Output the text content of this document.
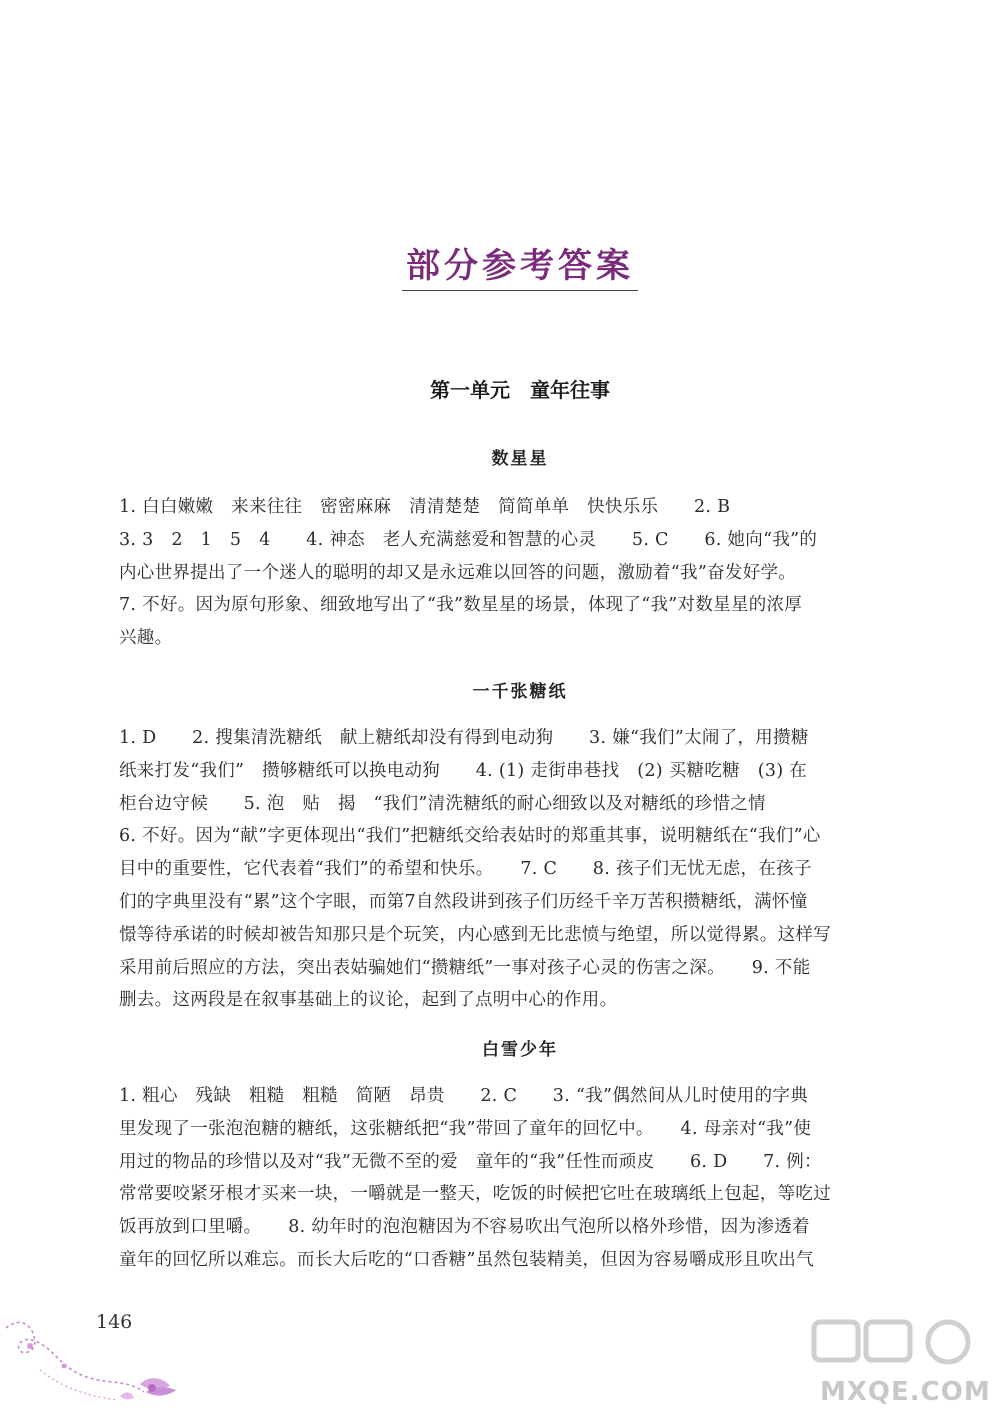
部分参考答案
第一单元　童年往事
数星星
1. 白白嫩嫩　来来往往　密密麻麻　清清楚楚　简简单单　快快乐乐　　2. B
3. 3　2　1　5　4　　4. 神态　老人充满慈爱和智慧的心灵　　5. C　　6. 她向“我”的
内心世界提出了一个迷人的聪明的却又是永远难以回答的问题，激励着“我”奋发好学。
7. 不好。因为原句形象、细致地写出了“我”数星星的场景，体现了“我”对数星星的浓厚
兴趣。
一千张糖纸
1. D　　2. 搜集清洗糖纸　献上糖纸却没有得到电动狗　　3. 嫌“我们”太闹了，用攒糖
纸来打发“我们”　攒够糖纸可以换电动狗　　4. (1) 走街串巷找　(2) 买糖吃糖　(3) 在
柜台边守候　　5. 泡　贴　揭　“我们”清洗糖纸的耐心细致以及对糖纸的珍惜之情
6. 不好。因为“献”字更体现出“我们”把糖纸交给表姑时的郑重其事，说明糖纸在“我们”心
目中的重要性，它代表着“我们”的希望和快乐。　　7. C　　8. 孩子们无忧无虑，在孩子
们的字典里没有“累”这个字眼，而第7自然段讲到孩子们历经千辛万苦积攒糖纸，满怀憧
憬等待承诺的时候却被告知那只是个玩笑，内心感到无比悲愤与绝望，所以觉得累。这样写
采用前后照应的方法，突出表姑骗她们“攒糖纸”一事对孩子心灵的伤害之深。　　9. 不能
删去。这两段是在叙事基础上的议论，起到了点明中心的作用。
白雪少年
1. 粗心　残缺　粗糙　粗糙　简陋　昂贵　　2. C　　3. “我”偶然间从儿时使用的字典
里发现了一张泡泡糖的糖纸，这张糖纸把“我”带回了童年的回忆中。　　4. 母亲对“我”使
用过的物品的珍惜以及对“我”无微不至的爱　童年的“我”任性而顽皮　　6. D　　7. 例：
常常要咬紧牙根才买来一块，一嚼就是一整天，吃饭的时候把它吐在玻璃纸上包起，等吃过
饭再放到口里嚼。　　8. 幼年时的泡泡糖因为不容易吹出气泡所以格外珍惜，因为渗透着
童年的回忆所以难忘。而长大后吃的“口香糖”虽然包装精美，但因为容易嚼成形且吹出气
146
MXQE.COM
